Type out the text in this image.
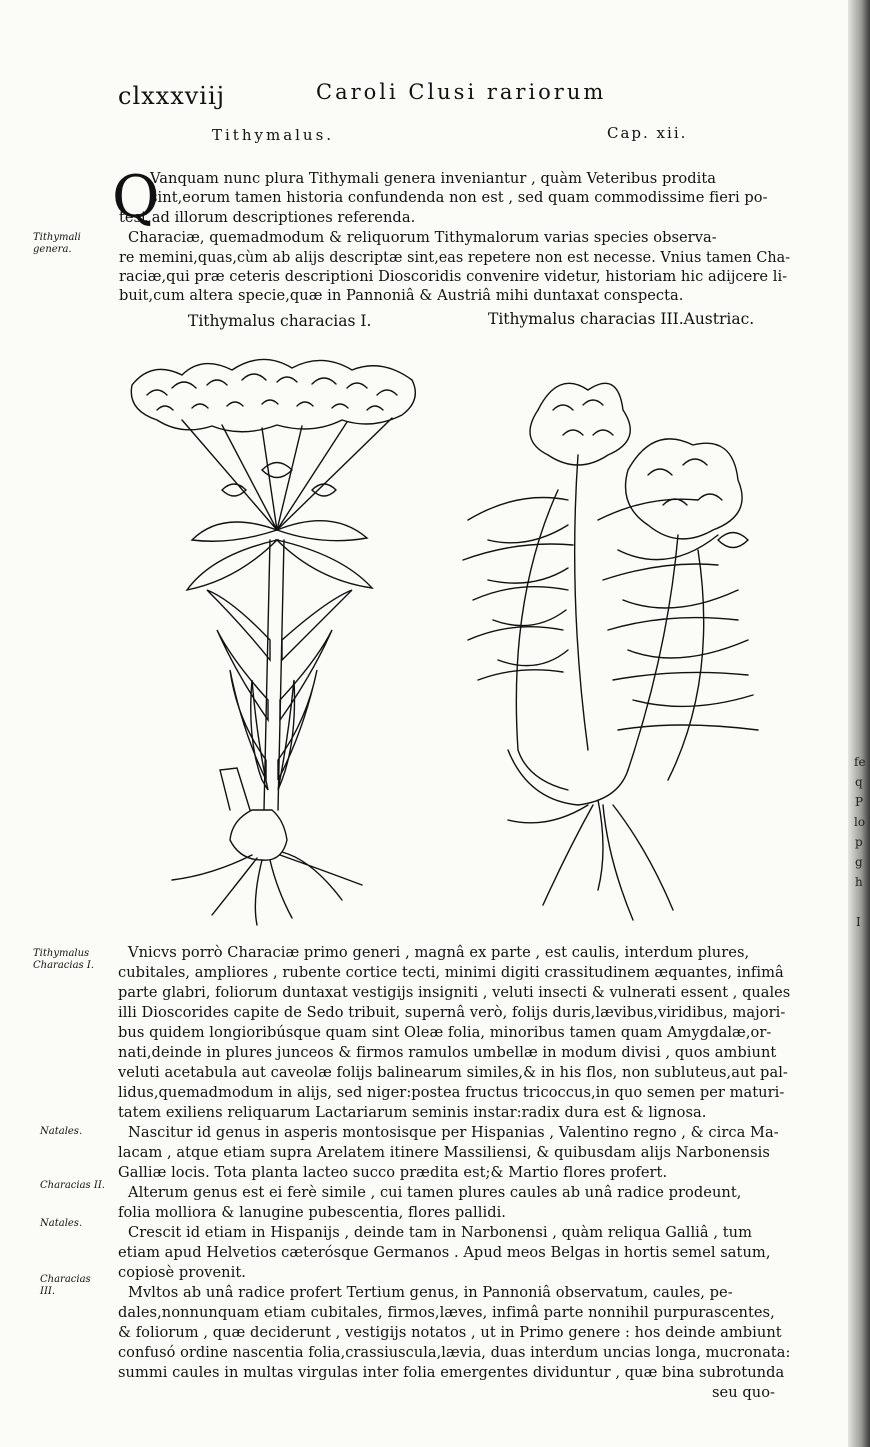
clxxxviij	Caroli Clusi rariorum
Tithymalus.	Cap. xii.
Q
Vanquam nunc plura Tithymali genera inveniantur , quàm Veteribus prodita
sint,eorum tamen historia confundenda non est , sed quam commodissime fieri po-
test,ad illorum descriptiones referenda.
Characiæ, quemadmodum & reliquorum Tithymalorum varias species observa-
re memini,quas,cùm ab alijs descriptæ sint,eas repetere non est necesse. Vnius tamen Cha-
raciæ,qui præ ceteris descriptioni Dioscoridis convenire videtur, historiam hic adijcere li-
buit,cum altera specie,quæ in Pannoniâ & Austriâ mihi duntaxat conspecta.
Tithymali genera.
Tithymalus characias I.	Tithymalus characias III.Austriac.
Vnicvs porrò Characiæ primo generi , magnâ ex parte , est caulis, interdum plures,
cubitales, ampliores , rubente cortice tecti, minimi digiti crassitudinem æquantes, infimâ
parte glabri, foliorum duntaxat vestigijs insigniti , veluti insecti & vulnerati essent , quales
illi Dioscorides capite de Sedo tribuit, supernâ verò, folijs duris,lævibus,viridibus, majori-
bus quidem longioribúsque quam sint Oleæ folia, minoribus tamen quam Amygdalæ,or-
nati,deinde in plures junceos & firmos ramulos umbellæ in modum divisi , quos ambiunt
veluti acetabula aut caveolæ folijs balinearum similes,& in his flos, non subluteus,aut pal-
lidus,quemadmodum in alijs, sed niger:postea fructus tricoccus,in quo semen per maturi-
tatem exiliens reliquarum Lactariarum seminis instar:radix dura est & lignosa.
Nascitur id genus in asperis montosisque per Hispanias , Valentino regno , & circa Ma-
lacam , atque etiam supra Arelatem itinere Massiliensi, & quibusdam alijs Narbonensis
Galliæ locis. Tota planta lacteo succo prædita est;& Martio flores profert.
Alterum genus est ei ferè simile , cui tamen plures caules ab unâ radice prodeunt,
folia molliora & lanugine pubescentia, flores pallidi.
Crescit id etiam in Hispanijs , deinde tam in Narbonensi , quàm reliqua Galliâ , tum
etiam apud Helvetios cæterósque Germanos . Apud meos Belgas in hortis semel satum,
copiosè provenit.
Mvltos ab unâ radice profert Tertium genus, in Pannoniâ observatum, caules, pe-
dales,nonnunquam etiam cubitales, firmos,læves, infimâ parte nonnihil purpurascentes,
& foliorum , quæ deciderunt , vestigijs notatos , ut in Primo genere : hos deinde ambiunt
confusó ordine nascentia folia,crassiuscula,lævia, duas interdum uncias longa, mucronata:
summi caules in multas virgulas inter folia emergentes dividuntur , quæ bina subrotunda
seu quo-
Tithymalus Characias I.
Natales.
Characias II.
Natales.
Characias III.
fe
q
P
lo
p
g
h
I
